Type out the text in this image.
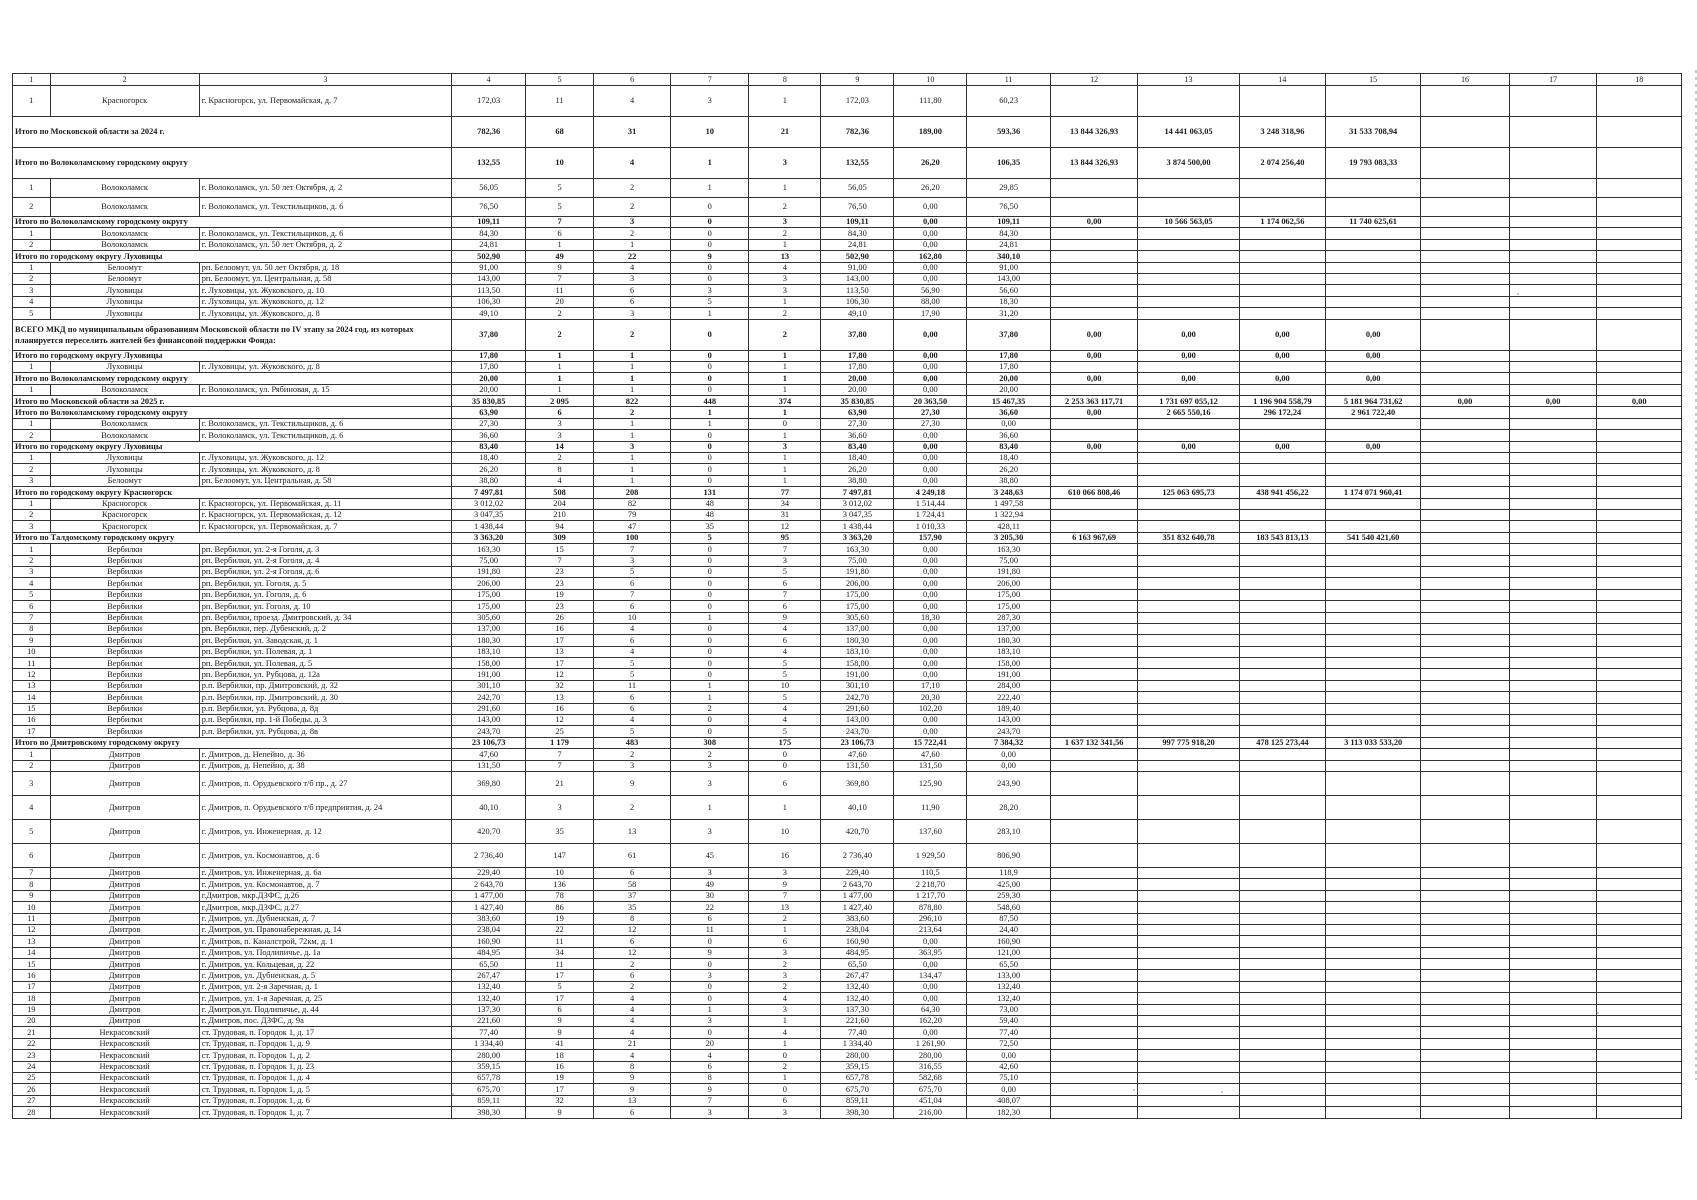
1	2	3	4	5	6	7	8	9	10	11	12	13	14	15	16	17	18
1	Красногорск	г. Красногорск, ул. Первомайская, д. 7	172,03	11	4	3	1	172,03	111,80	60,23							
Итого по Московской области за 2024 г.			782,36	68	31	10	21	782,36	189,00	593,36	13 844 326,93	14 441 063,05	3 248 318,96	31 533 708,94			
Итого по Волоколамскому городскому округу			132,55	10	4	1	3	132,55	26,20	106,35	13 844 326,93	3 874 500,00	2 074 256,40	19 793 083,33			
1	Волоколамск	г. Волоколамск, ул. 50 лет Октября, д. 2	56,05	5	2	1	1	56,05	26,20	29,85							
2	Волоколамск	г. Волоколамск, ул. Текстильщиков, д. 6	76,50	5	2	0	2	76,50	0,00	76,50							
Итого по Волоколамскому городскому округу			109,11	7	3	0	3	109,11	0,00	109,11	0,00	10 566 563,05	1 174 062,56	11 740 625,61			
1	Волоколамск	г. Волоколамск, ул. Текстильщиков, д. 6	84,30	6	2	0	2	84,30	0,00	84,30							
2	Волоколамск	г. Волоколамск, ул. 50 лет Октября, д. 2	24,81	1	1	0	1	24,81	0,00	24,81							
Итого по городскому округу Луховицы			502,90	49	22	9	13	502,90	162,80	340,10							
1	Белоомут	рп. Белоомут, ул. 50 лет Октября, д. 18	91,00	9	4	0	4	91,00	0,00	91,00							
2	Белоомут	рп. Белоомут, ул. Центральная, д. 58	143,00	7	3	0	3	143,00	0,00	143,00							
3	Луховицы	г. Луховицы, ул. Жуковского, д. 10	113,50	11	6	3	3	113,50	56,90	56,60							
4	Луховицы	г. Луховицы, ул. Жуковского, д. 12	106,30	20	6	5	1	106,30	88,00	18,30							
5	Луховицы	г. Луховицы, ул. Жуковского, д. 8	49,10	2	3	1	2	49,10	17,90	31,20							
ВСЕГО МКД по муниципальным образованиям Московской области по IV этапу за 2024 год, из которых планируется переселить жителей без финансовой поддержки Фонда:			37,80	2	2	0	2	37,80	0,00	37,80	0,00	0,00	0,00	0,00			
Итого по городскому округу Луховицы			17,80	1	1	0	1	17,80	0,00	17,80	0,00	0,00	0,00	0,00			
1	Луховицы	г. Луховицы, ул. Жуковского, д. 8	17,80	1	1	0	1	17,80	0,00	17,80							
Итого по Волоколамскому городскому округу			20,00	1	1	0	1	20,00	0,00	20,00	0,00	0,00	0,00	0,00			
1	Волоколамск	г. Волоколамск, ул. Рябиновая, д. 15	20,00	1	1	0	1	20,00	0,00	20,00							
Итого по Московской области за 2025 г.			35 830,85	2 095	822	448	374	35 830,85	20 363,50	15 467,35	2 253 363 117,71	1 731 697 055,12	1 196 904 558,79	5 181 964 731,62	0,00	0,00	0,00
Итого по Волоколамскому городскому округу			63,90	6	2	1	1	63,90	27,30	36,60	0,00	2 665 550,16	296 172,24	2 961 722,40			
1	Волоколамск	г. Волоколамск, ул. Текстильщиков, д. 6	27,30	3	1	1	0	27,30	27,30	0,00							
2	Волоколамск	г. Волоколамск, ул. Текстильщиков, д. 6	36,60	3	1	0	1	36,60	0,00	36,60							
Итого по городскому округу Луховицы			83,40	14	3	0	3	83,40	0,00	83,40	0,00	0,00	0,00	0,00			
1	Луховицы	г. Луховицы, ул. Жуковского, д. 12	18,40	2	1	0	1	18,40	0,00	18,40							
2	Луховицы	г. Луховицы, ул. Жуковского, д. 8	26,20	8	1	0	1	26,20	0,00	26,20							
3	Белоомут	рп. Белоомут, ул. Центральная, д. 58	38,80	4	1	0	1	38,80	0,00	38,80							
Итого по городскому округу Красногорск			7 497,81	508	208	131	77	7 497,81	4 249,18	3 248,63	610 066 808,46	125 063 695,73	438 941 456,22	1 174 071 960,41			
1	Красногорск	г. Красногорск, ул. Первомайская, д. 11	3 012,02	204	82	48	34	3 012,02	1 514,44	1 497,58							
2	Красногорск	г. Красногорск, ул. Первомайская, д. 12	3 047,35	210	79	48	31	3 047,35	1 724,41	1 322,94							
3	Красногорск	г. Красногорск, ул. Первомайская, д. 7	1 438,44	94	47	35	12	1 438,44	1 010,33	428,11							
Итого по Талдомскому городскому округу			3 363,20	309	100	5	95	3 363,20	157,90	3 205,30	6 163 967,69	351 832 640,78	183 543 813,13	541 540 421,60			
1	Вербилки	рп. Вербилки, ул. 2-я Гоголя, д. 3	163,30	15	7	0	7	163,30	0,00	163,30							
2	Вербилки	рп. Вербилки, ул. 2-я Гоголя, д. 4	75,00	7	3	0	3	75,00	0,00	75,00							
3	Вербилки	рп. Вербилки, ул. 2-я Гоголя, д. 6	191,80	23	5	0	5	191,80	0,00	191,80							
4	Вербилки	рп. Вербилки, ул. Гоголя, д. 5	206,00	23	6	0	6	206,00	0,00	206,00							
5	Вербилки	рп. Вербилки, ул. Гоголя, д. 6	175,00	19	7	0	7	175,00	0,00	175,00							
6	Вербилки	рп. Вербилки, ул. Гоголя, д. 10	175,00	23	6	0	6	175,00	0,00	175,00							
7	Вербилки	рп. Вербилки, проезд. Дмитровский, д. 34	305,60	26	10	1	9	305,60	18,30	287,30							
8	Вербилки	рп. Вербилки, пер. Дубенский, д. 2	137,00	16	4	0	4	137,00	0,00	137,00							
9	Вербилки	рп. Вербилки, ул. Заводская, д. 1	180,30	17	6	0	6	180,30	0,00	180,30							
10	Вербилки	рп. Вербилки, ул. Полевая, д. 1	183,10	13	4	0	4	183,10	0,00	183,10							
11	Вербилки	рп. Вербилки, ул. Полевая, д. 5	158,00	17	5	0	5	158,00	0,00	158,00							
12	Вербилки	рп. Вербилки, ул. Рубцова, д. 12а	191,00	12	5	0	5	191,00	0,00	191,00							
13	Вербилки	р.п. Вербилки, пр. Дмитровский, д. 32	301,10	32	11	1	10	301,10	17,10	284,00							
14	Вербилки	р.п. Вербилки, пр. Дмитровский, д. 30	242,70	13	6	1	5	242,70	20,30	222,40							
15	Вербилки	р.п. Вербилки, ул. Рубцова, д. 8д	291,60	16	6	2	4	291,60	102,20	189,40							
16	Вербилки	р.п. Вербилки, пр. 1-й Победы, д. 3	143,00	12	4	0	4	143,00	0,00	143,00							
17	Вербилки	р.п. Вербилки, ул. Рубцова, д. 8в	243,70	25	5	0	5	243,70	0,00	243,70							
Итого по Дмитровскому городскому округу			23 106,73	1 179	483	308	175	23 106,73	15 722,41	7 384,32	1 637 132 341,56	997 775 918,20	478 125 273,44	3 113 033 533,20			
1	Дмитров	г. Дмитров, д. Непейно, д. 36	47,60	7	2	2	0	47,60	47,60	0,00							
2	Дмитров	г. Дмитров, д. Непейно, д. 38	131,50	7	3	3	0	131,50	131,50	0,00							
3	Дмитров	г. Дмитров, п. Орудьевского т/б пр., д. 27	369,80	21	9	3	6	369,80	125,90	243,90							
4	Дмитров	г. Дмитров, п. Орудьевского т/б предприятия, д. 24	40,10	3	2	1	1	40,10	11,90	28,20							
5	Дмитров	г. Дмитров, ул. Инженерная, д. 12	420,70	35	13	3	10	420,70	137,60	283,10							
6	Дмитров	г. Дмитров, ул. Космонавтов, д. 6	2 736,40	147	61	45	16	2 736,40	1 929,50	806,90							
7	Дмитров	г. Дмитров, ул. Инженерная, д. 6а	229,40	10	6	3	3	229,40	110,5	118,9							
8	Дмитров	г. Дмитров, ул. Космонавтов, д. 7	2 643,70	136	58	49	9	2 643,70	2 218,70	425,00							
9	Дмитров	г.Дмитров, мкр.ДЗФС, д.26	1 477,00	78	37	30	7	1 477,00	1 217,70	259,30							
10	Дмитров	г.Дмитров, мкр.ДЗФС, д.27	1 427,40	86	35	22	13	1 427,40	878,80	548,60							
11	Дмитров	г. Дмитров, ул. Дубненская, д. 7	383,60	19	8	6	2	383,60	296,10	87,50							
12	Дмитров	г. Дмитров, ул. Правонабережная, д. 14	238,04	22	12	11	1	238,04	213,64	24,40							
13	Дмитров	г. Дмитров, п. Каналстрой, 72км, д. 1	160,90	11	6	0	6	160,90	0,00	160,90							
14	Дмитров	г. Дмитров, ул. Подлипичье, д. 1а	484,95	34	12	9	3	484,95	363,95	121,00							
15	Дмитров	г. Дмитров, ул. Кольцевая, д. 22	65,50	11	2	0	2	65,50	0,00	65,50							
16	Дмитров	г. Дмитров, ул. Дубненская, д. 5	267,47	17	6	3	3	267,47	134,47	133,00							
17	Дмитров	г. Дмитров, ул. 2-я Заречная, д. 1	132,40	5	2	0	2	132,40	0,00	132,40							
18	Дмитров	г. Дмитров, ул. 1-я Заречная, д. 25	132,40	17	4	0	4	132,40	0,00	132,40							
19	Дмитров	г. Дмитров,ул. Подлипичье, д. 44	137,30	6	4	1	3	137,30	64,30	73,00							
20	Дмитров	г. Дмитров, пос. ДЗФС, д. 9а	221,60	9	4	3	1	221,60	162,20	59,40							
21	Некрасовский	ст. Трудовая, п. Городок 1, д. 17	77,40	9	4	0	4	77,40	0,00	77,40							
22	Некрасовский	ст. Трудовая, п. Городок 1, д. 9	1 334,40	41	21	20	1	1 334,40	1 261,90	72,50							
23	Некрасовский	ст. Трудовая, п. Городок 1, д. 2	280,00	18	4	4	0	280,00	280,00	0,00							
24	Некрасовский	ст. Трудовая, п. Городок 1, д. 23	359,15	16	8	6	2	359,15	316,55	42,60							
25	Некрасовский	ст. Трудовая, п. Городок 1, д. 4	657,78	19	9	8	1	657,78	582,68	75,10							
26	Некрасовский	ст. Трудовая, п. Городок 1, д. 5	675,70	17	9	9	0	675,70	675,70	0,00							
27	Некрасовский	ст. Трудовая, п. Городок 1, д. 6	859,11	32	13	7	6	859,11	451,04	408,07							
28	Некрасовский	ст. Трудовая, п. Городок 1, д. 7	398,30	9	6	3	3	398,30	216,00	182,30							
